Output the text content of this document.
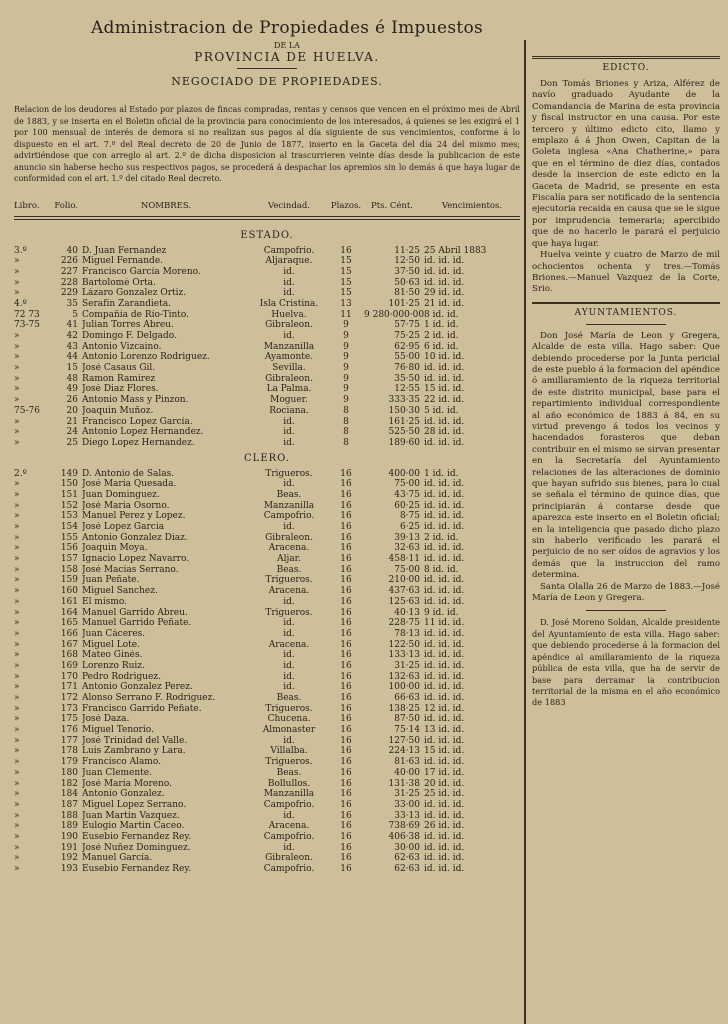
Administracion de Propiedades é Impuestos
DE LA
PROVINCIA DE HUELVA.
NEGOCIADO DE PROPIEDADES.
Relacion de los deudores al Estado por plazos de fincas compradas, rentas y censos que vencen en el próximo mes de Abril de 1883, y se inserta en el Boletin oficial de la provincia para conocimiento de los interesados, á quienes se les exigirá el 1 por 100 mensual de interés de demora si no realizan sus pagos al día siguiente de sus vencimientos, conforme á lo dispuesto en el art. 7.º del Real decreto de 20 de Junio de 1877, inserto en la Gaceta del día 24 del mismo mes; advirtiéndose que con arreglo al art. 2.º de dicha disposicion al trascurrieren veinte días desde la publicacion de este anuncio sin haberse hecho sus respectivos pagos, se procederá á despachar los apremios sin lo demás á que haya lugar de conformidad con el art. 1.º del citado Real decreto.
Libro.	Folio.	NOMBRES.	Vecindad.	Plazos.	Pts. Cént.	Vencimientos.
ESTADO.
3.º	40 D. Juan Fernandez	Campofrio.	16	11·25 25 Abril 1883
»	226 Miguel Fernande.	Aljaraque.	15	12·50 id. id. id.
»	227 Francisco García Moreno.	id.	15	37·50 id. id. id.
»	228 Bartolomé Orta.	id.	15	50·63 id. id. id.
»	229 Lázaro Gonzalez Ortiz.	id.	15	81·50 29 id. id.
4.º	35 Serafín Zarandieta.	Isla Cristina.	13	101·25 21 id. id.
72 73	5 Compañía de Río-Tinto.	Huelva.	11	9 280·000·00 8 id. id.
73-75	41 Julian Torres Abreu.	Gibraleon.	9	57·75 1 id. id.
»	42 Domingo F. Delgado.	id.	9	75·25 2 id. id.
»	43 Antonio Vizcaino.	Manzanilla	9	62·95 6 id. id.
»	44 Antonio Lorenzo Rodriguez.	Ayamonte.	9	55·00 10 id. id.
»	15 José Casaus Gil.	Sevilla.	9	76·80 id. id. id.
»	48 Ramon Ramirez	Gibraleon.	9	35·50 id. id. id.
»	49 José Diaz Flores.	La Palma.	9	12·55 15 id. id.
»	26 Antonio Mass y Pinzon.	Moguer.	9	333·35 22 id. id.
75-76	20 Joaquin Muñoz.	Rociana.	8	150·30 5 id. id.
»	21 Francisco Lopez García.	id.	8	161·25 id. id. id.
»	24 Antonio Lopez Hernandez.	id.	8	525·50 28 id. id.
»	25 Diego Lopez Hernandez.	id.	8	189·60 id. id. id.
CLERO.
2.º	149 D. Antonio de Salas.	Trigueros.	16	400·00 1 id. id.
»	150 José María Quesada.	id.	16	75·00 id. id. id.
»	151 Juan Dominguez.	Beas.	16	43·75 id. id. id.
»	152 José María Osorno.	Manzanilla	16	60·25 id. id. id.
»	153 Manuel Perez y Lopez.	Campofrio.	16	8·75 id. id. id.
»	154 José Lopez García	id.	16	6·25 id. id. id.
»	155 Antonio Gonzalez Diaz.	Gibraleon.	16	39·13 2 id. id.
»	156 Joaquin Moya.	Aracena.	16	32·63 id. id. id.
»	157 Ignacio Lopez Navarro.	Aljar.	16	458·11 id. id. id.
»	158 José Macías Serrano.	Beas.	16	75·00 8 id. id.
»	159 Juan Peñate.	Trigueros.	16	210·00 id. id. id.
»	160 Miguel Sanchez.	Aracena.	16	437·63 id. id. id.
»	161 El mismo.	id.	16	125·63 id. id. id.
»	164 Manuel Garrido Abreu.	Trigueros.	16	40·13 9 id. id.
»	165 Manuel Garrido Peñate.	id.	16	228·75 11 id. id.
»	166 Juan Cáceres.	id.	16	78·13 id. id. id.
»	167 Miguel Lote.	Aracena.	16	122·50 id. id. id.
»	168 Mateo Ginés.	id.	16	133·13 id. id. id.
»	169 Lorenzo Ruiz.	id.	16	31·25 id. id. id.
»	170 Pedro Rodriguez.	id.	16	132·63 id. id. id.
»	171 Antonio Gonzalez Perez.	id.	16	100·00 id. id. id.
»	172 Alonso Serrano F. Rodriguez.	Beas.	16	66·63 id. id. id.
»	173 Francisco Garrido Peñate.	Trigueros.	16	138·25 12 id. id.
»	175 José Daza.	Chucena.	16	87·50 id. id. id.
»	176 Miguel Tenorio.	Almonaster	16	75·14 13 id. id.
»	177 José Trinidad del Valle.	id.	16	127·50 id. id. id.
»	178 Luis Zambrano y Lara.	Villalba.	16	224·13 15 id. id.
»	179 Francisco Alamo.	Trigueros.	16	81·63 id. id. id.
»	180 Juan Clemente.	Beas.	16	40·00 17 id. id.
»	182 José María Moreno.	Bollullos.	16	131·38 20 id. id.
»	184 Antonio Gonzalez.	Manzanilla	16	31·25 25 id. id.
»	187 Miguel Lopez Serrano.	Campofrio.	16	33·00 id. id. id.
»	188 Juan Martin Vazquez.	id.	16	33·13 id. id. id.
»	189 Eulogio Martin Caceo.	Aracena.	16	738·69 26 id. id.
»	190 Eusebio Fernandez Rey.	Campofrio.	16	406·38 id. id. id.
»	191 José Nuñez Dominguez.	id.	16	30·00 id. id. id.
»	192 Manuel García.	Gibraleon.	16	62·63 id. id. id.
»	193 Eusebio Fernandez Rey.	Campofrio.	16	62·63 id. id. id.
EDICTO.
Don Tomás Briones y Ariza, Alférez de navío graduado Ayudante de la Comandancia de Marina de esta provincia y fiscal instructor en una causa. Por este tercero y último edicto cito, llamo y emplazo á á Jhon Owen, Capitan de la Goleta inglesa «Ana Chatherine,» para que en el término de diez días, contados desde la insercion de este edicto en la Gaceta de Madrid, se presente en esta Fiscalía para ser notificado de la sentencia ejecutoria recaida en causa que se le sigue por imprudencia temeraria; apercibido que de no hacerlo le parará el perjuicio que haya lugar.
Huelva veinte y cuatro de Marzo de mil ochocientos ochenta y tres.—Tomás Briones.—Manuel Vazquez de la Corte, Srio.
AYUNTAMIENTOS.
Don José María de Leon y Gregera, Alcalde de esta villa. Hago saber: Que debiendo procederse por la Junta pericial de este pueblo á la formacion del apéndice ó amillaramiento de la riqueza territorial de este distrito municipal, base para el repartimiento individual correspondiente al año económico de 1883 á 84, en su virtud prevengo á todos los vecinos y hacendados forasteros que deban contribuir en el mismo se sirvan presentar en la Secretaría del Ayuntamiento relaciones de las alteraciones de dominio que hayan sufrido sus bienes, para lo cual se señala el término de quince días, que principiarán á contarse desde que aparezca este inserto en el Boletin oficial; en la inteligencia que pasado dicho plazo sin haberlo verificado les parará el perjuicio de no ser oídos de agravios y los demás que la instruccion del ramo determina.
Santa Olalla 26 de Marzo de 1883.—José María de Leon y Gregera.
D. José Moreno Soldan, Alcalde presidente del Ayuntamiento de esta villa. Hago saber: que debiendo procederse á la formacion del apéndice al amillaramiento de la riqueza pública de esta villa, que ha de servir de base para derramar la contribucion territorial de la misma en el año económico de 1883
